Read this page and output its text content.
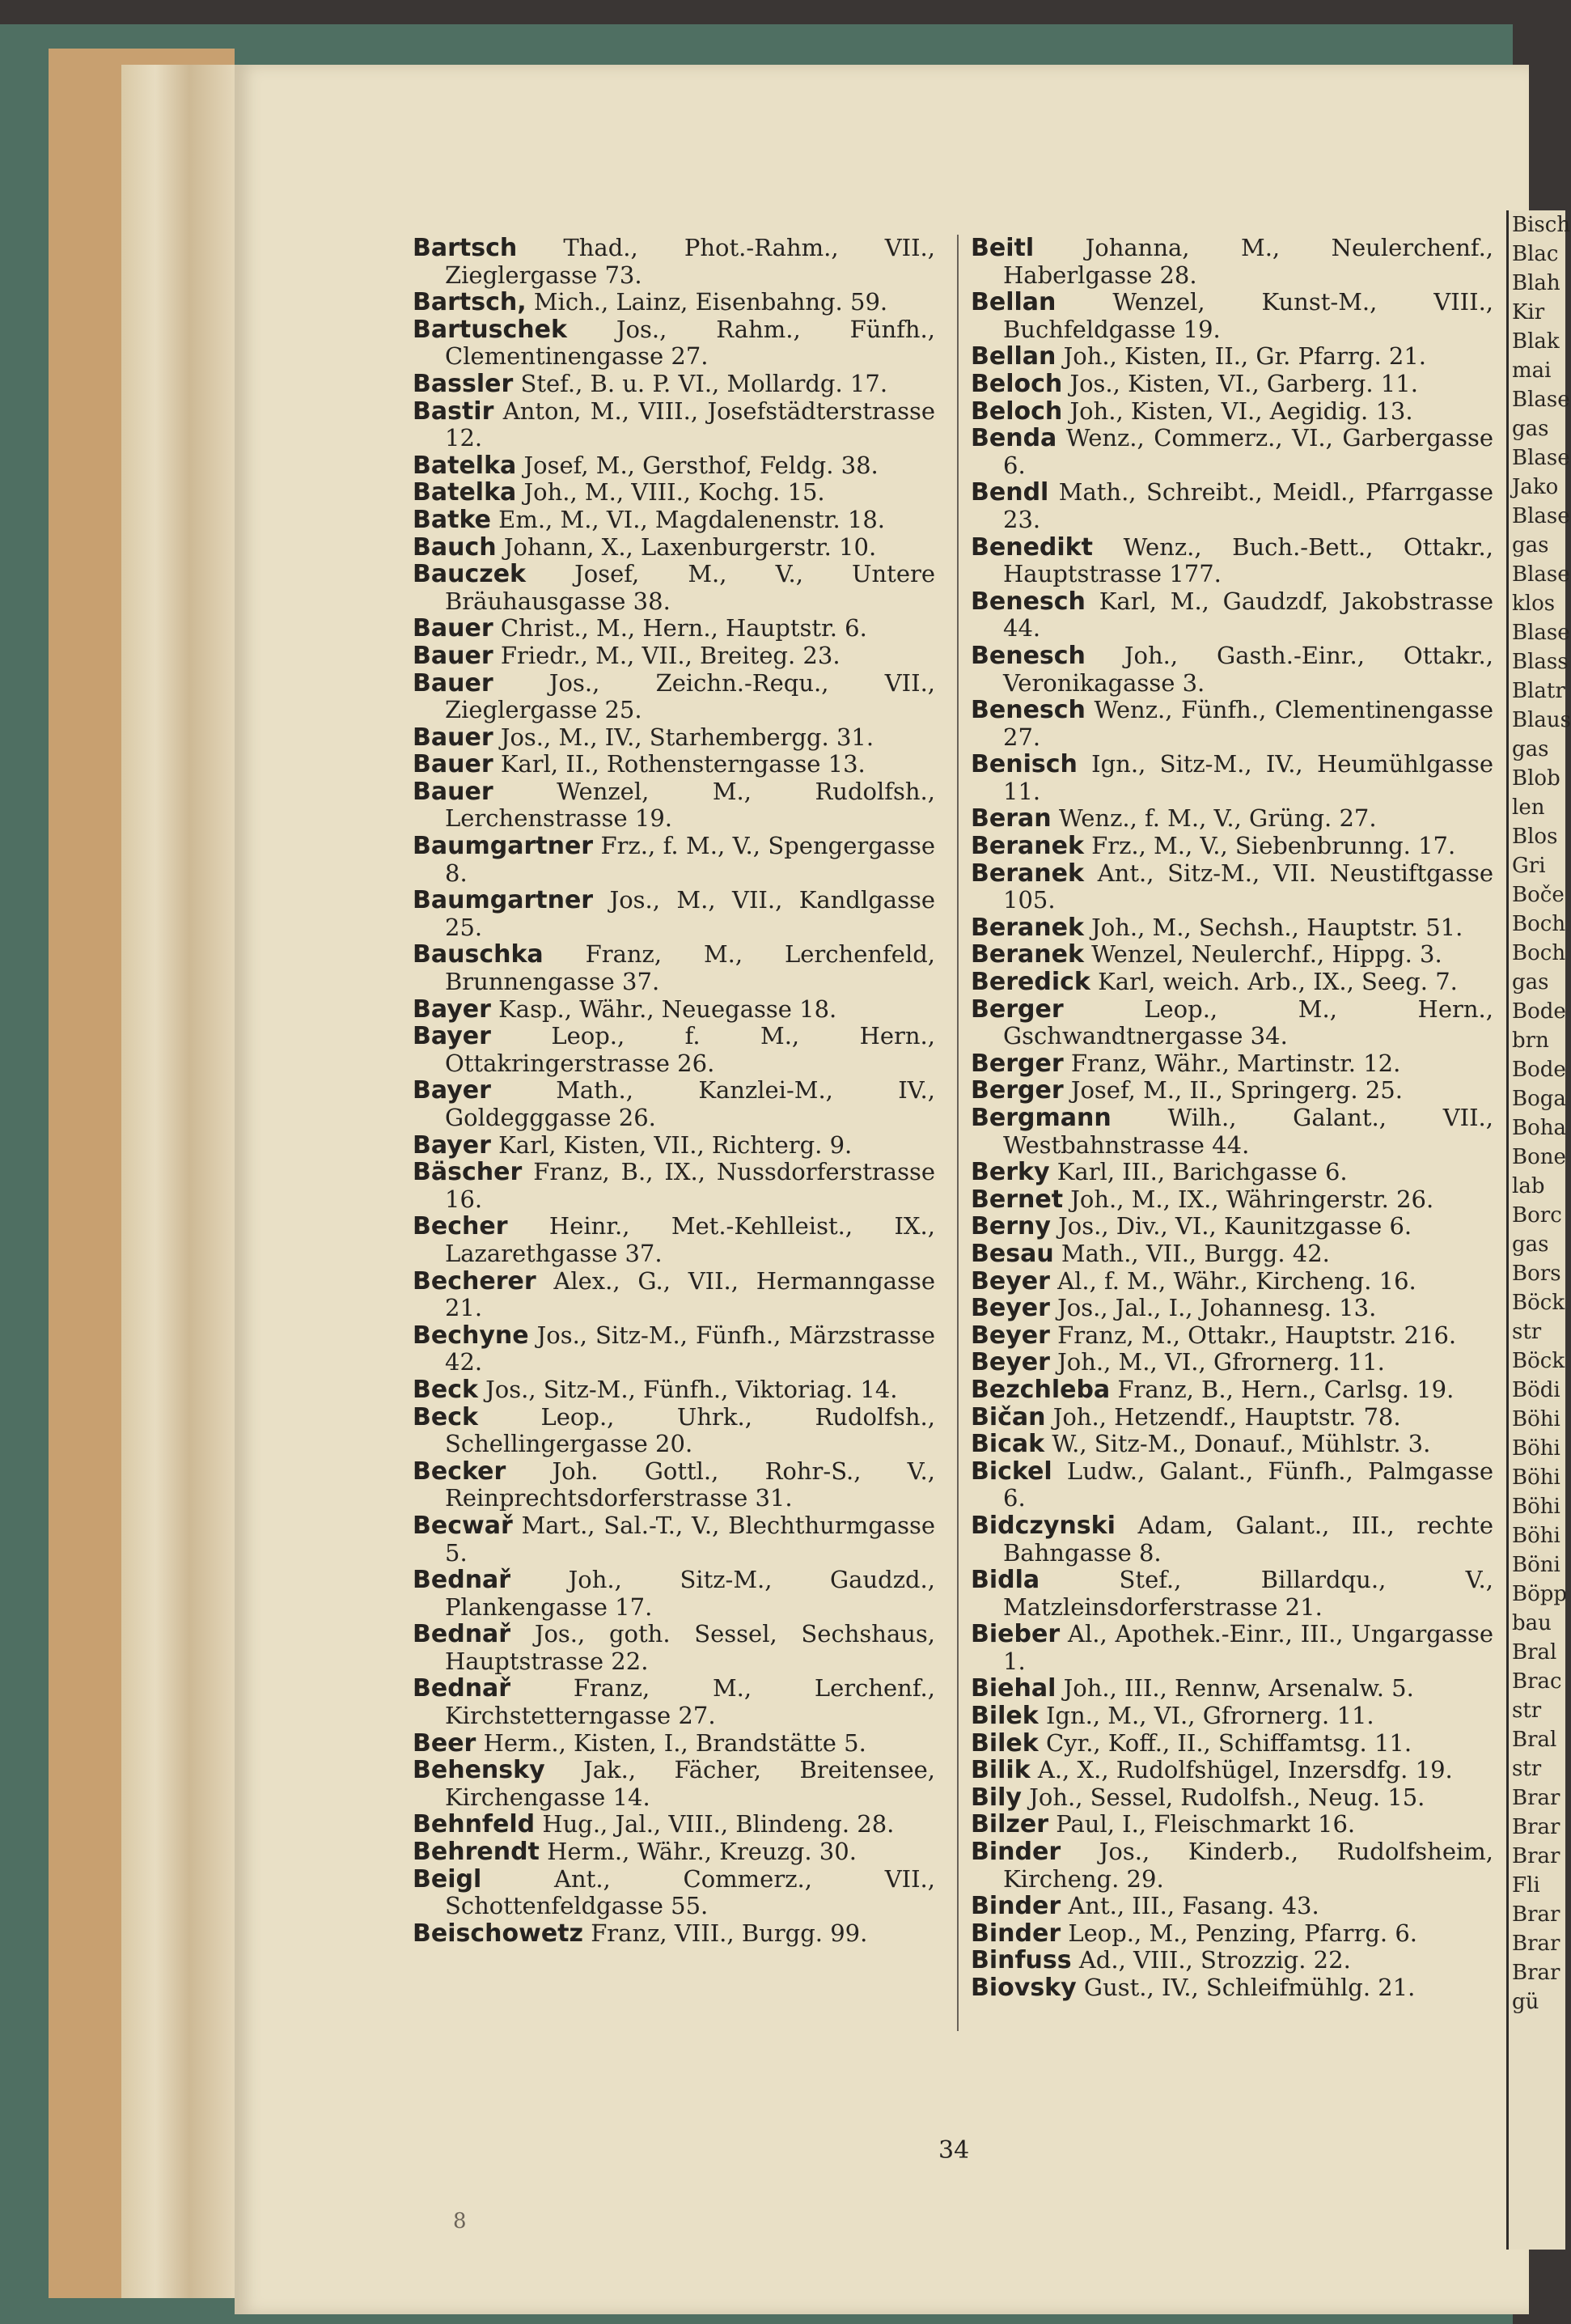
Bartsch Thad., Phot.-Rahm., VII., Zieglergasse 73.

Bartsch, Mich., Lainz, Eisenbahng. 59.

Bartuschek Jos., Rahm., Fünfh., Clementinengasse 27.

Bassler Stef., B. u. P. VI., Mollardg. 17.

Bastir Anton, M., VIII., Josefstädterstrasse 12.

Batelka Josef, M., Gersthof, Feldg. 38.

Batelka Joh., M., VIII., Kochg. 15.

Batke Em., M., VI., Magdalenenstr. 18.

Bauch Johann, X., Laxenburgerstr. 10.

Bauczek Josef, M., V., Untere Bräuhausgasse 38.

Bauer Christ., M., Hern., Hauptstr. 6.

Bauer Friedr., M., VII., Breiteg. 23.

Bauer Jos., Zeichn.-Requ., VII., Zieglergasse 25.

Bauer Jos., M., IV., Starhembergg. 31.

Bauer Karl, II., Rothensterngasse 13.

Bauer	Wenzel, M., Rudolfsh., Lerchenstrasse 19.

Baumgartner Frz., f. M., V., Spengergasse 8.

Baumgartner Jos., M., VII., Kandlgasse 25.

Bauschka Franz, M., Lerchenfeld, Brunnengasse 37.

Bayer Kasp., Währ., Neuegasse 18.

Bayer	Leop., f. M., Hern., Ottakringerstrasse 26.

Bayer	Math., Kanzlei-M., IV., Goldegggasse 26.

Bayer Karl, Kisten, VII., Richterg. 9.

Bäscher Franz, B., IX., Nussdorferstrasse 16.

Becher Heinr., Met.-Kehlleist., IX., Lazarethgasse 37.

Becherer Alex., G., VII., Hermanngasse 21.

Bechyne Jos., Sitz-M., Fünfh., Märzstrasse 42.

Beck Jos., Sitz-M., Fünfh., Viktoriag. 14.

Beck	Leop., Uhrk., Rudolfsh., Schellingergasse 20.

Becker Joh. Gottl., Rohr-S., V., Reinprechtsdorferstrasse 31.

Becwař Mart., Sal.-T., V., Blechthurmgasse 5.

Bednař Joh., Sitz-M., Gaudzd., Plankengasse 17.

Bednař Jos., goth. Sessel, Sechshaus, Hauptstrasse 22.

Bednař	Franz, M., Lerchenf., Kirchstetterngasse 27.

Beer Herm., Kisten, I., Brandstätte 5.

Behensky Jak., Fächer, Breitensee, Kirchengasse 14.

Behnfeld Hug., Jal., VIII., Blindeng. 28.

Behrendt Herm., Währ., Kreuzg. 30.

Beigl	Ant., Commerz., VII., Schottenfeldgasse 55.

Beischowetz Franz, VIII., Burgg. 99.

Beitl Johanna, M., Neulerchenf., Haberlgasse 28.

Bellan Wenzel, Kunst-M., VIII., Buchfeldgasse 19.

Bellan Joh., Kisten, II., Gr. Pfarrg. 21.

Beloch Jos., Kisten, VI., Garberg. 11.

Beloch Joh., Kisten, VI., Aegidig. 13.

Benda Wenz., Commerz., VI., Garbergasse 6.

Bendl Math., Schreibt., Meidl., Pfarrgasse 23.

Benedikt Wenz., Buch.-Bett., Ottakr., Hauptstrasse 177.

Benesch Karl, M., Gaudzdf, Jakobstrasse 44.

Benesch Joh., Gasth.-Einr., Ottakr., Veronikagasse 3.

Benesch Wenz., Fünfh., Clementinengasse 27.

Benisch Ign., Sitz-M., IV., Heumühlgasse 11.

Beran Wenz., f. M., V., Grüng. 27.

Beranek Frz., M., V., Siebenbrunng. 17.

Beranek Ant., Sitz-M., VII. Neustiftgasse 105.

Beranek Joh., M., Sechsh., Hauptstr. 51.

Beranek Wenzel, Neulerchf., Hippg. 3.

Beredick Karl, weich. Arb., IX., Seeg. 7.

Berger	Leop., M., Hern., Gschwandtnergasse 34.

Berger Franz, Währ., Martinstr. 12.

Berger Josef, M., II., Springerg. 25.

Bergmann Wilh., Galant., VII., Westbahnstrasse 44.

Berky Karl, III., Barichgasse 6.

Bernet Joh., M., IX., Währingerstr. 26.

Berny Jos., Div., VI., Kaunitzgasse 6.

Besau Math., VII., Burgg. 42.

Beyer Al., f. M., Währ., Kircheng. 16.

Beyer Jos., Jal., I., Johannesg. 13.

Beyer Franz, M., Ottakr., Hauptstr. 216.

Beyer Joh., M., VI., Gfrornerg. 11.

Bezchleba Franz, B., Hern., Carlsg. 19.

Bičan Joh., Hetzendf., Hauptstr. 78.

Bicak W., Sitz-M., Donauf., Mühlstr. 3.

Bickel Ludw., Galant., Fünfh., Palmgasse 6.

Bidczynski Adam, Galant., III., rechte Bahngasse 8.

Bidla	Stef., Billardqu., V., Matzleinsdorferstrasse 21.

Bieber Al., Apothek.-Einr., III., Ungargasse 1.

Biehal Joh., III., Rennw, Arsenalw. 5.

Bilek Ign., M., VI., Gfrornerg. 11.

Bilek Cyr., Koff., II., Schiffamtsg. 11.

Bilik A., X., Rudolfshügel, Inzersdfg. 19.

Bily Joh., Sessel, Rudolfsh., Neug. 15.

Bilzer Paul, I., Fleischmarkt 16.

Binder Jos., Kinderb., Rudolfsheim, Kircheng. 29.

Binder Ant., III., Fasang. 43.

Binder Leop., M., Penzing, Pfarrg. 6.

Binfuss Ad., VIII., Strozzig. 22.

Biovsky Gust., IV., Schleifmühlg. 21.

Bisch
Blac
Blah
Kir
Blak
mai
Blase
gas
Blase
Jako
Blase
gas
Blase
klos
Blase
Blass
Blatr
Blaus
gas
Blob
len
Blos
Gri
Boče
Boch
Boch
gas
Bode
brn
Bode
Boga
Boha
Bone
lab
Borc
gas
Bors
Böck
str
Böck
Bödi
Böhi
Böhi
Böhi
Böhi
Böhi
Böni
Böpp
bau
Bral
Brac
str
Bral
str
Brar
Brar
Brar
Fli
Brar
Brar
Brar
gü
34
8
